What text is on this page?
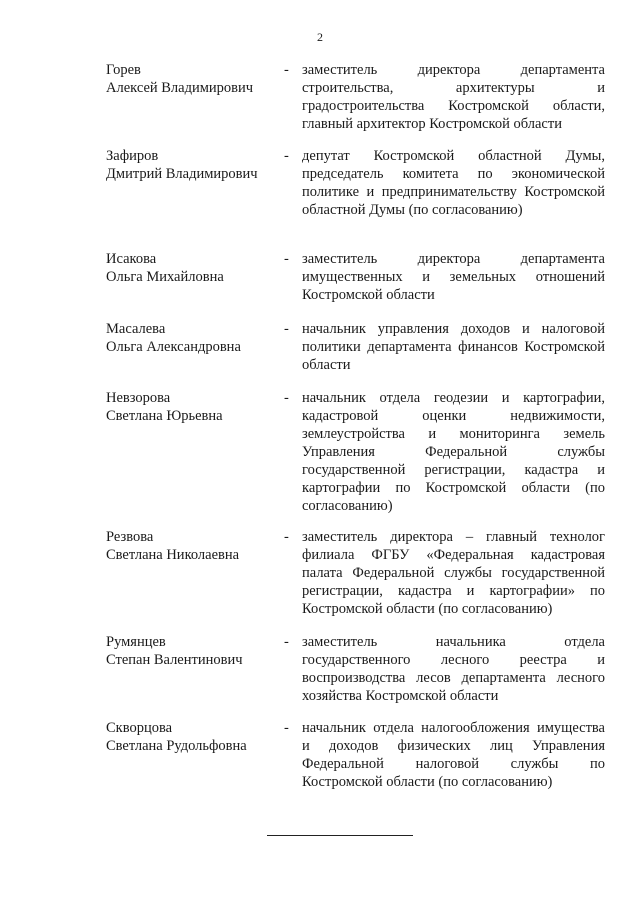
2
Горев
Алексей Владимирович
- заместитель директора департамента строительства, архитектуры и градостроительства Костромской области, главный архитектор Костромской области
Зафиров
Дмитрий Владимирович
- депутат Костромской областной Думы, председатель комитета по экономической политике и предпринимательству Костромской областной Думы (по согласованию)
Исакова
Ольга Михайловна
- заместитель директора департамента имущественных и земельных отношений Костромской области
Масалева
Ольга Александровна
- начальник управления доходов и налоговой политики департамента финансов Костромской области
Невзорова
Светлана Юрьевна
- начальник отдела геодезии и картографии, кадастровой оценки недвижимости, землеустройства и мониторинга земель Управления Федеральной службы государственной регистрации, кадастра и картографии по Костромской области (по согласованию)
Резвова
Светлана Николаевна
- заместитель директора – главный технолог филиала ФГБУ «Федеральная кадастровая палата Федеральной службы государственной регистрации, кадастра и картографии» по Костромской области (по согласованию)
Румянцев
Степан Валентинович
- заместитель начальника отдела государственного лесного реестра и воспроизводства лесов департамента лесного хозяйства Костромской области
Скворцова
Светлана Рудольфовна
- начальник отдела налогообложения имущества и доходов физических лиц Управления Федеральной налоговой службы по Костромской области (по согласованию)
